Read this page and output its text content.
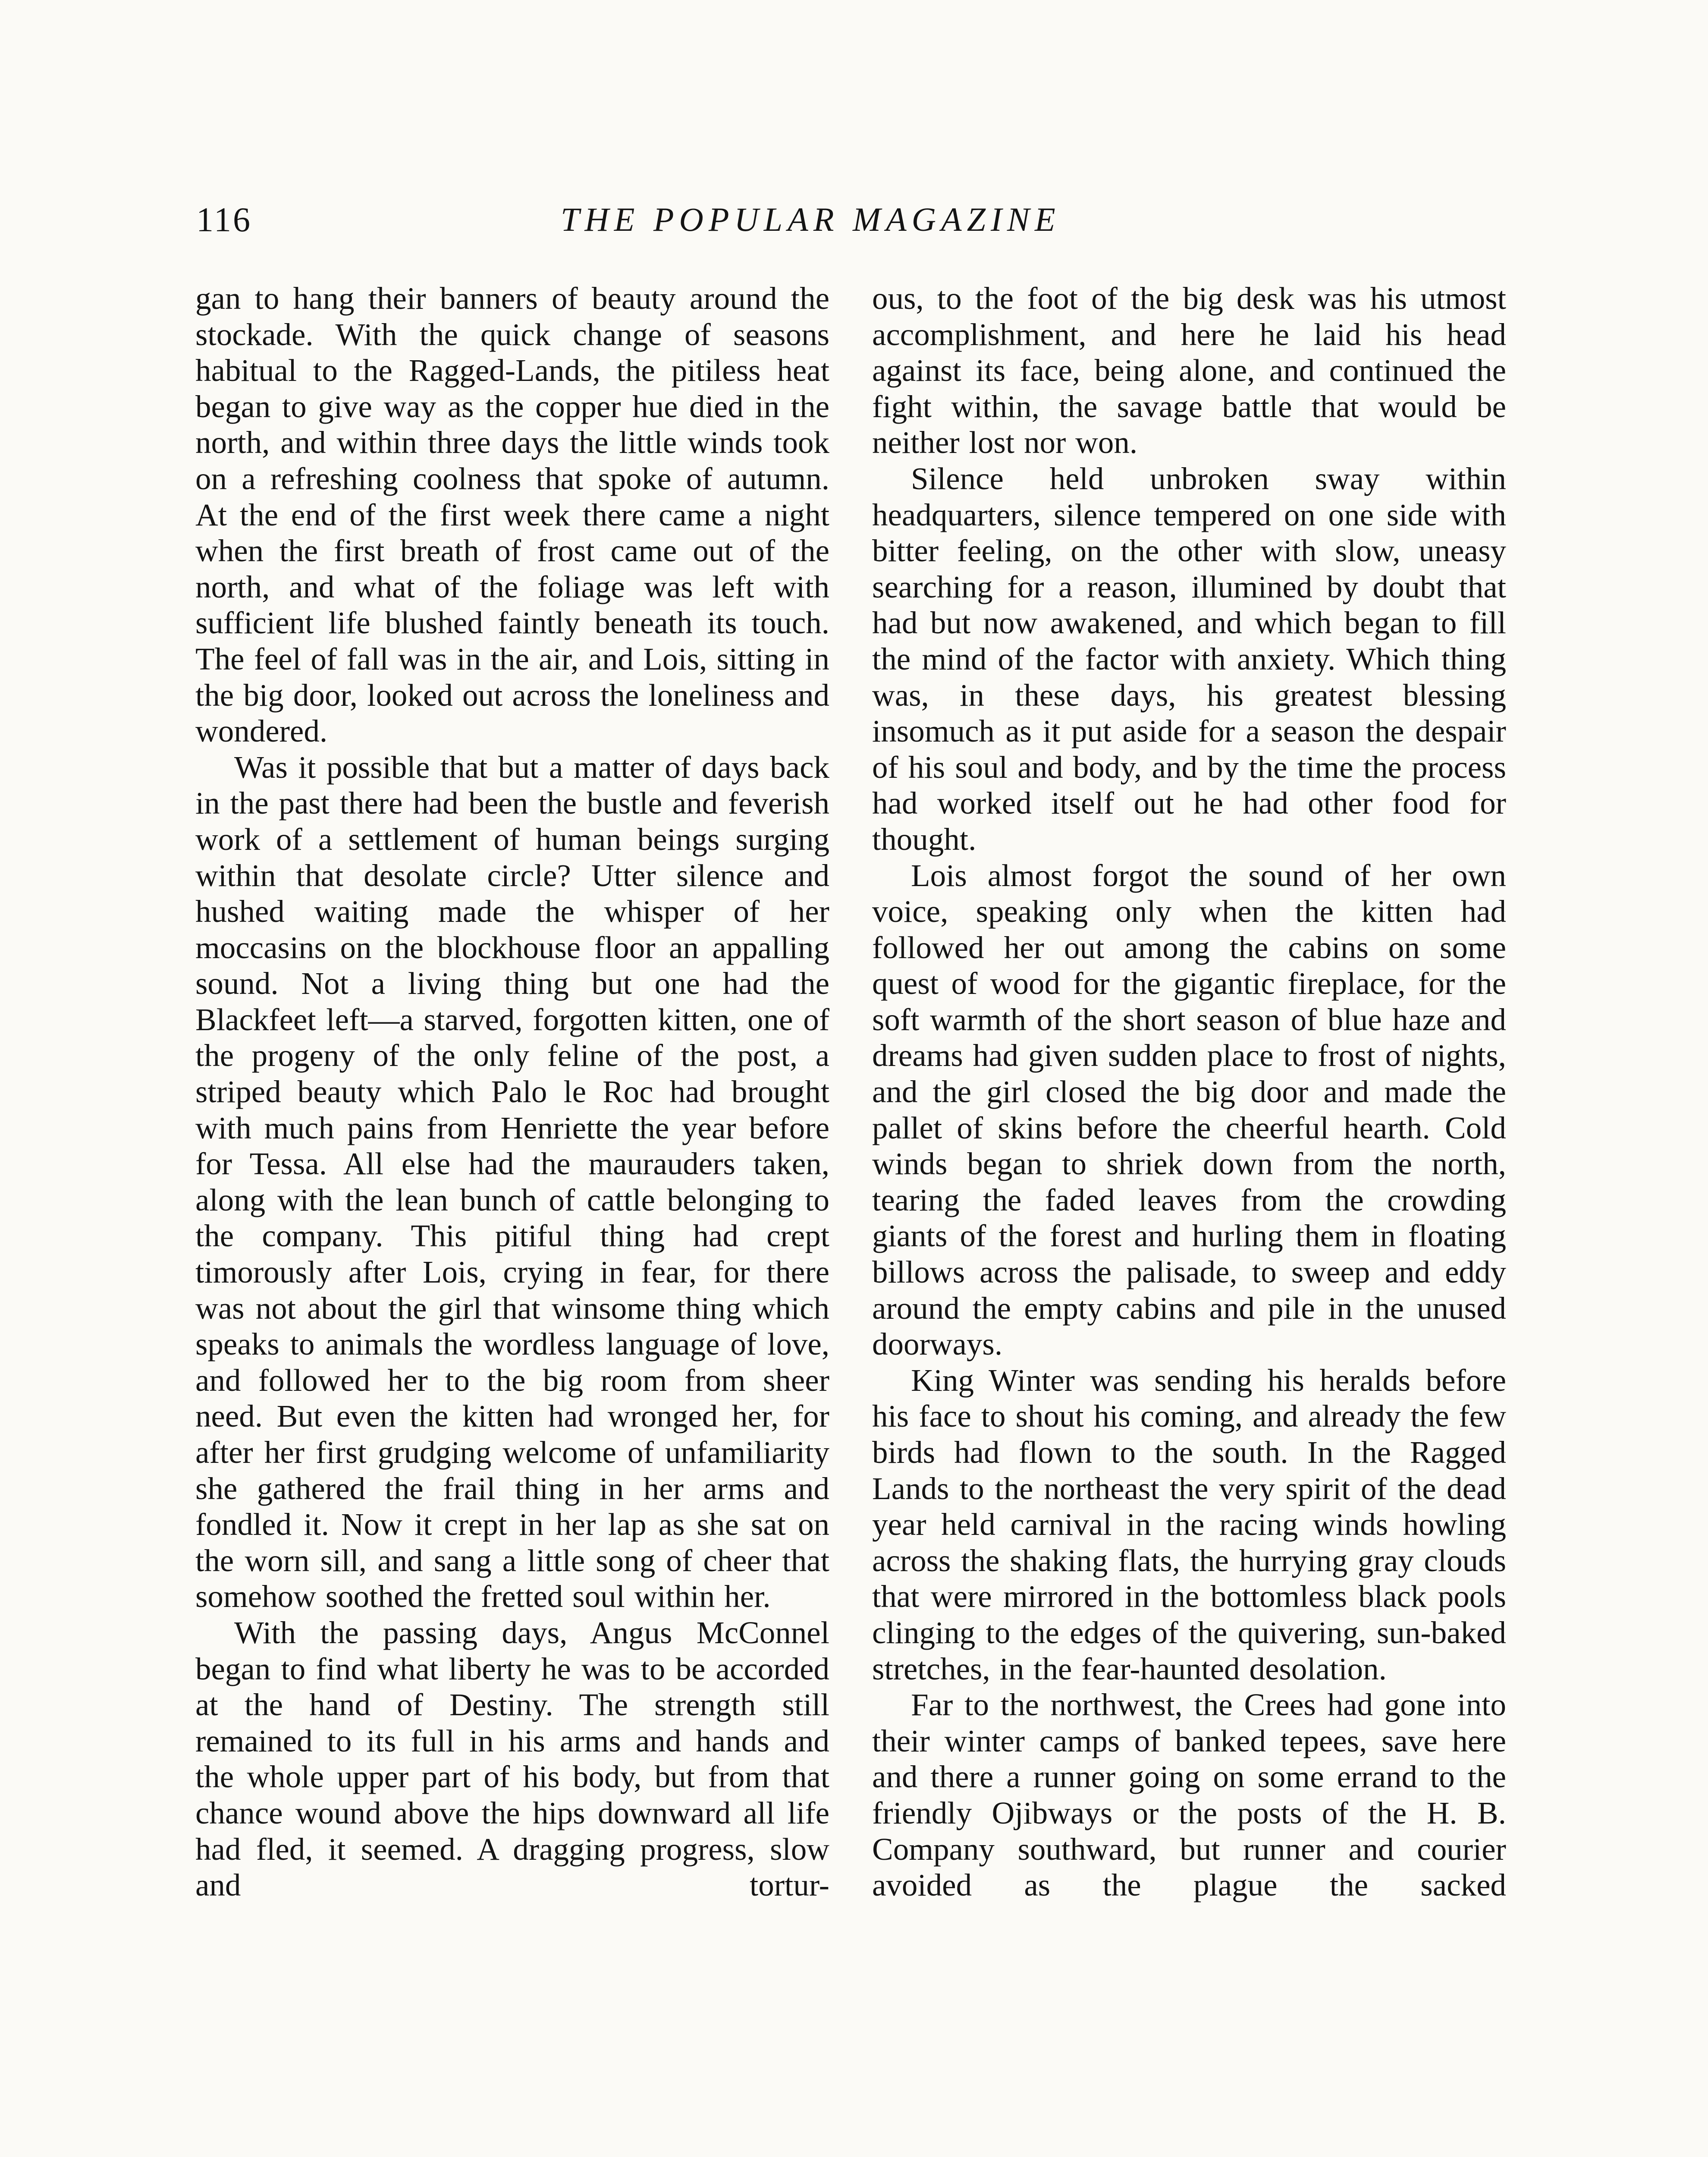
116	THE POPULAR MAGAZINE

gan to hang their banners of beauty around the stockade. With the quick change of seasons habitual to the Ragged-Lands, the pitiless heat began to give way as the copper hue died in the north, and within three days the little winds took on a refreshing coolness that spoke of autumn. At the end of the first week there came a night when the first breath of frost came out of the north, and what of the foliage was left with sufficient life blushed faintly beneath its touch. The feel of fall was in the air, and Lois, sitting in the big door, looked out across the loneliness and wondered.

Was it possible that but a matter of days back in the past there had been the bustle and feverish work of a settlement of human beings surging within that desolate circle? Utter silence and hushed waiting made the whisper of her moccasins on the blockhouse floor an appalling sound. Not a living thing but one had the Blackfeet left—a starved, forgotten kitten, one of the progeny of the only feline of the post, a striped beauty which Palo le Roc had brought with much pains from Henriette the year before for Tessa. All else had the maurauders taken, along with the lean bunch of cattle belonging to the company. This pitiful thing had crept timorously after Lois, crying in fear, for there was not about the girl that winsome thing which speaks to animals the wordless language of love, and followed her to the big room from sheer need. But even the kitten had wronged her, for after her first grudging welcome of unfamiliarity she gathered the frail thing in her arms and fondled it. Now it crept in her lap as she sat on the worn sill, and sang a little song of cheer that somehow soothed the fretted soul within her.

With the passing days, Angus McConnel began to find what liberty he was to be accorded at the hand of Destiny. The strength still remained to its full in his arms and hands and the whole upper part of his body, but from that chance wound above the hips downward all life had fled, it seemed. A dragging progress, slow and tortur-

ous, to the foot of the big desk was his utmost accomplishment, and here he laid his head against its face, being alone, and continued the fight within, the savage battle that would be neither lost nor won.

Silence held unbroken sway within headquarters, silence tempered on one side with bitter feeling, on the other with slow, uneasy searching for a reason, illumined by doubt that had but now awakened, and which began to fill the mind of the factor with anxiety. Which thing was, in these days, his greatest blessing insomuch as it put aside for a season the despair of his soul and body, and by the time the process had worked itself out he had other food for thought.

Lois almost forgot the sound of her own voice, speaking only when the kitten had followed her out among the cabins on some quest of wood for the gigantic fireplace, for the soft warmth of the short season of blue haze and dreams had given sudden place to frost of nights, and the girl closed the big door and made the pallet of skins before the cheerful hearth. Cold winds began to shriek down from the north, tearing the faded leaves from the crowding giants of the forest and hurling them in floating billows across the palisade, to sweep and eddy around the empty cabins and pile in the unused doorways.

King Winter was sending his heralds before his face to shout his coming, and already the few birds had flown to the south. In the Ragged Lands to the northeast the very spirit of the dead year held carnival in the racing winds howling across the shaking flats, the hurrying gray clouds that were mirrored in the bottomless black pools clinging to the edges of the quivering, sun-baked stretches, in the fear-haunted desolation.

Far to the northwest, the Crees had gone into their winter camps of banked tepees, save here and there a runner going on some errand to the friendly Ojibways or the posts of the H. B. Company southward, but runner and courier avoided as the plague the sacked
